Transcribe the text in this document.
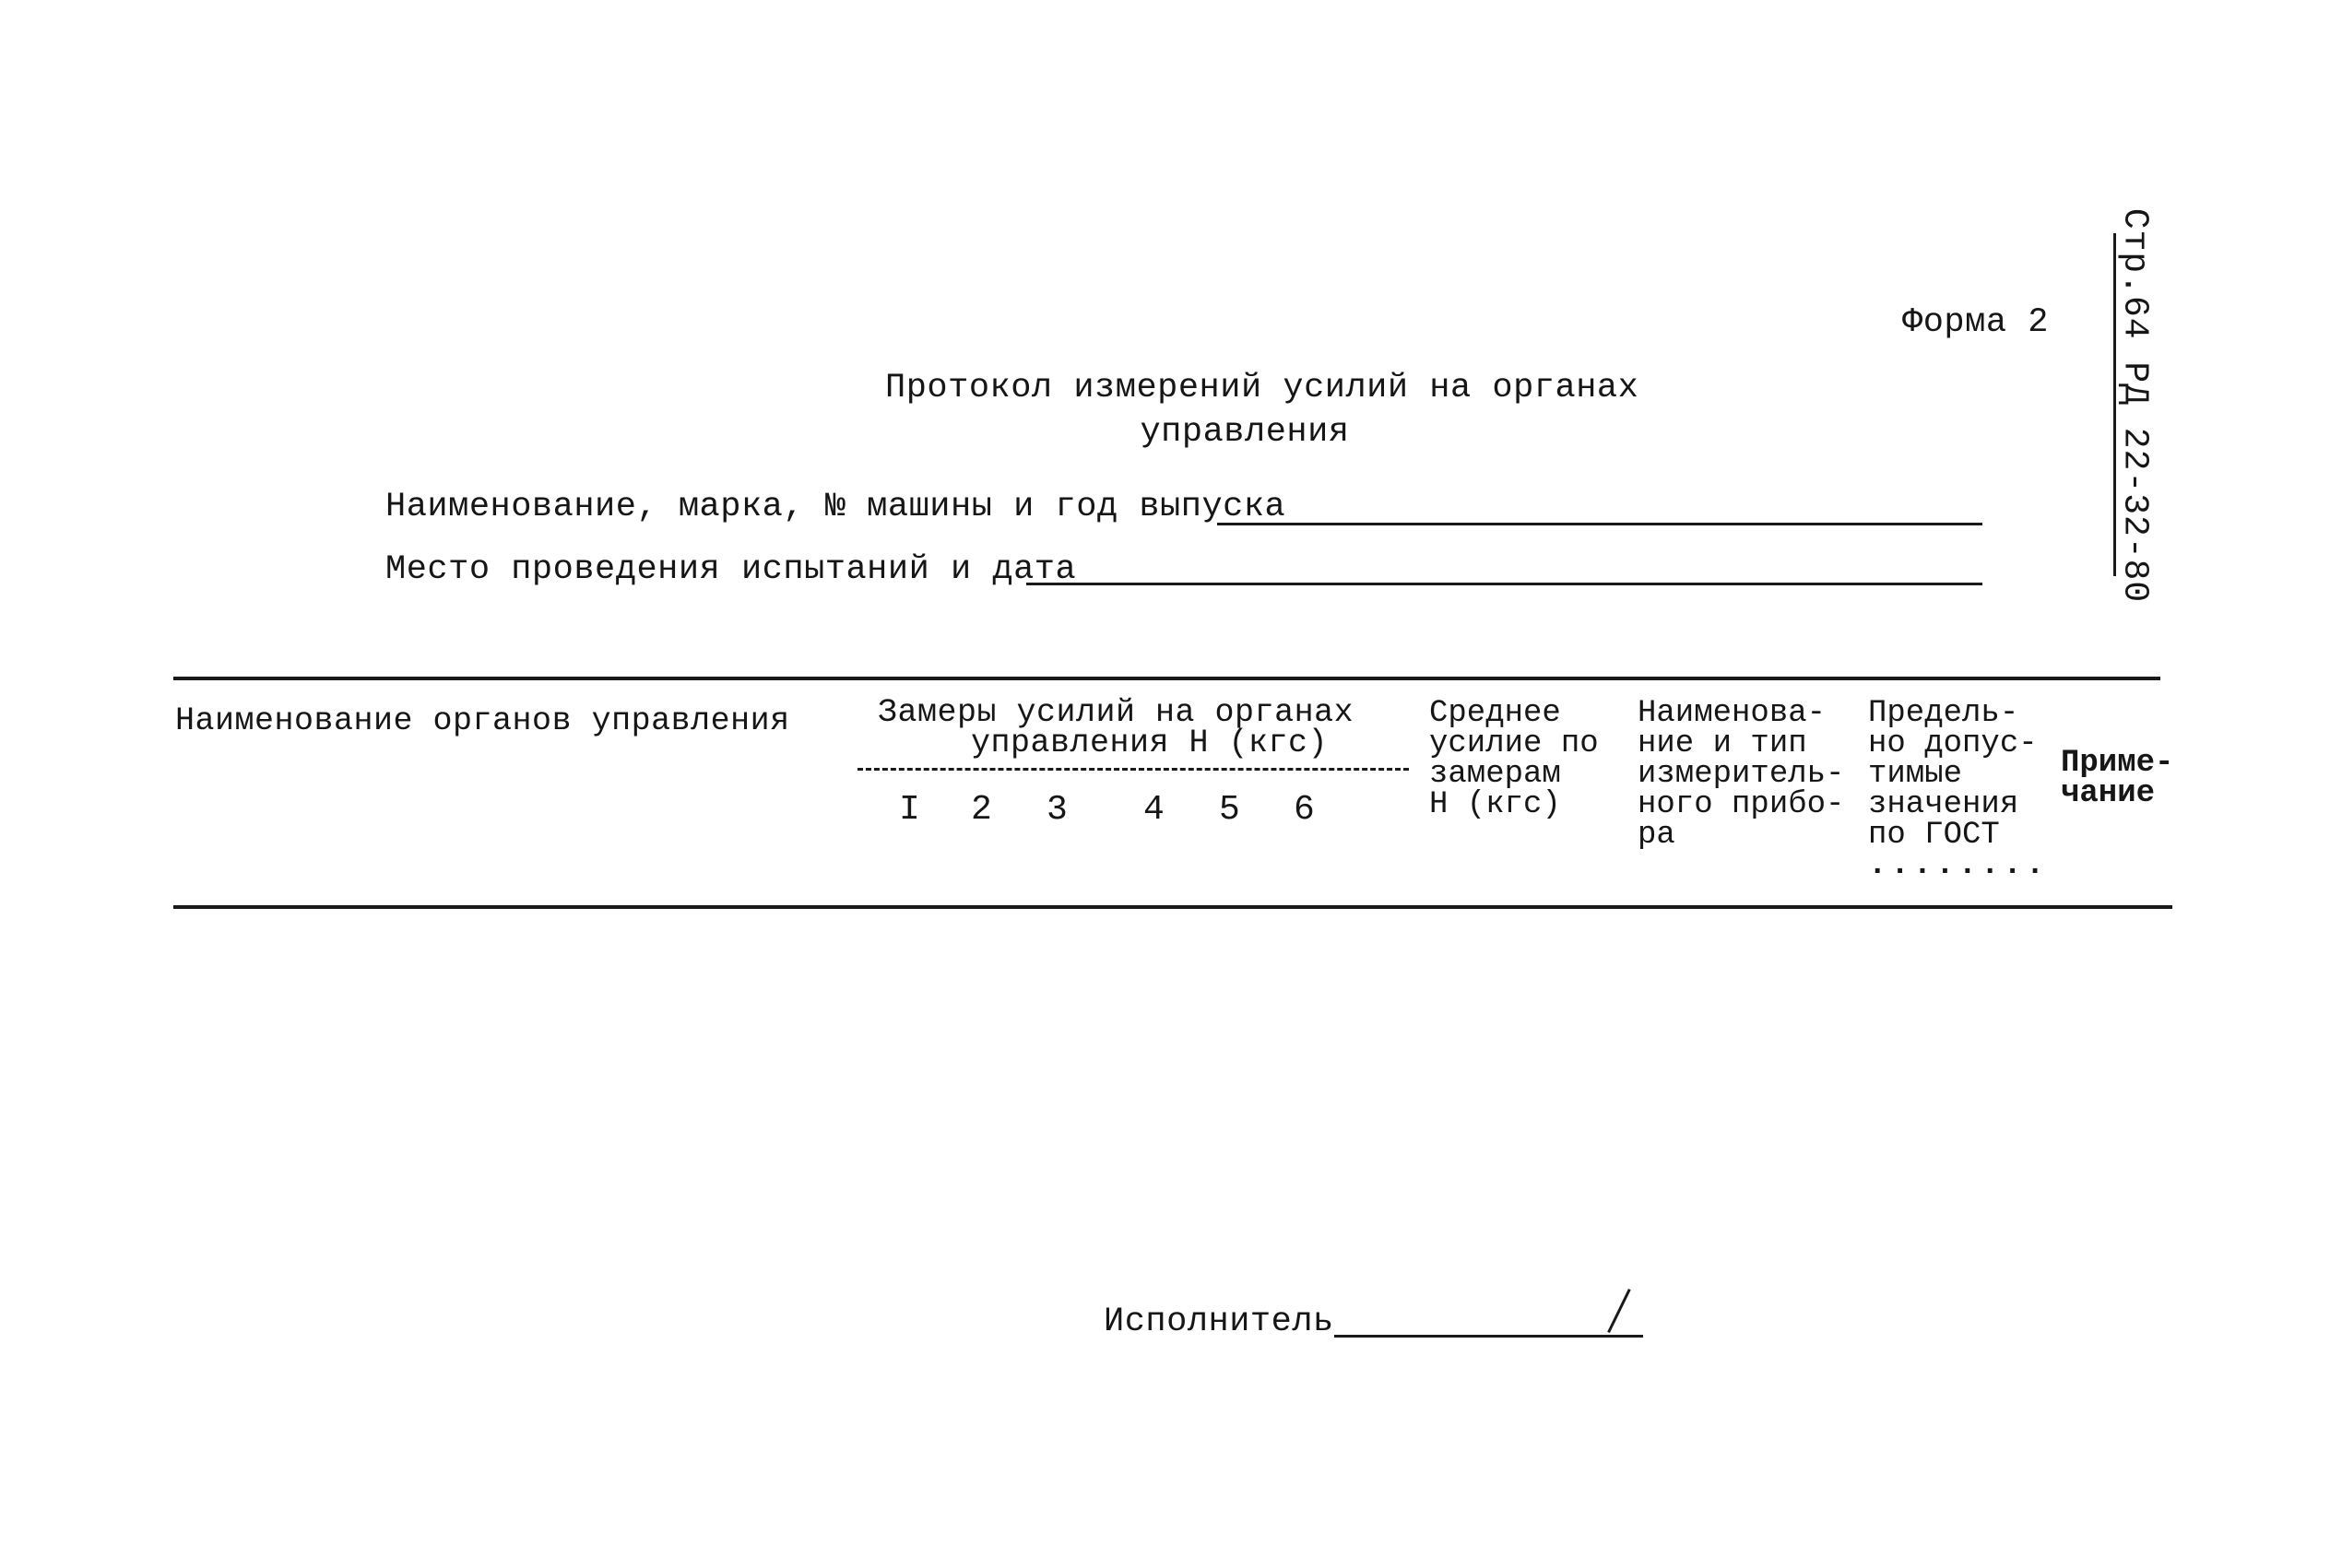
Форма 2 Стр.64 РД 22-32-80
Протокол измерений усилий на органах
управления
Наименование, марка, № машины и год выпуска
Место проведения испытаний и дата
Наименование органов управления	Замеры усилий на органах
управления Н (кгс)
I 2 3 4 5 6
Среднее
усилие по
замерам
Н (кгс)
Наименова-
ние и тип
измеритель-
ного прибо-
ра
Предель-
но допус-
тимые
значения
по ГОСТ
........
Приме-
чание
Исполнитель
